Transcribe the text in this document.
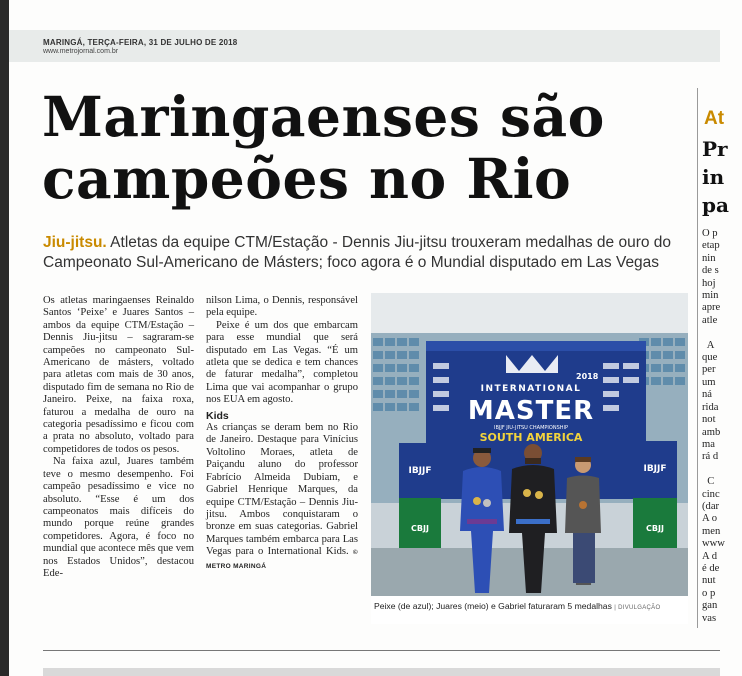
MARINGÁ, TERÇA-FEIRA, 31 DE JULHO DE 2018
www.metrojornal.com.br
Maringaenses são
campeões no Rio
Jiu-jitsu. Atletas da equipe CTM/Estação - Dennis Jiu-jitsu trouxeram medalhas de ouro do Campeonato Sul-Americano de Másters; foco agora é o Mundial disputado em Las Vegas

Os atletas maringaenses Reinaldo Santos ‘Peixe’ e Juares Santos – ambos da equipe CTM/Estação – Dennis Jiu-jitsu – sagraram-se campeões no campeonato Sul-Americano de másters, voltado para atletas com mais de 30 anos, disputado fim de semana no Rio de Janeiro. Peixe, na faixa roxa, faturou a medalha de ouro na categoria pesadíssimo e ficou com a prata no absoluto, voltado para competidores de todos os pesos.

Na faixa azul, Juares também teve o mesmo desempenho. Foi campeão pesadíssimo e vice no absoluto. “Esse é um dos campeonatos mais difíceis do mundo porque reúne grandes competidores. Agora, é foco no mundial que acontece mês que vem nos Estados Unidos”, destacou Ede-

nilson Lima, o Dennis, responsável pela equipe.

Peixe é um dos que embarcam para esse mundial que será disputado em Las Vegas. “É um atleta que se dedica e tem chances de faturar medalha”, completou Lima que vai acompanhar o grupo nos EUA em agosto.

Kids

As crianças se deram bem no Rio de Janeiro. Destaque para Vinícius Voltolino Moraes, atleta de Paiçandu aluno do professor Fabrício Almeida Dubiam, e Gabriel Henrique Marques, da equipe CTM/Estação – Dennis Jiu-jitsu. Ambos conquistaram o bronze em suas categorias. Gabriel Marques também embarca para Las Vegas para o International Kids. © METRO MARINGÁ

2018
INTERNATIONAL
MASTER
IBJJF JIU-JITSU CHAMPIONSHIP
SOUTH AMERICA
IBJJF
CBJJ
IBJJF
CBJJ
Peixe (de azul); Juares (meio) e Gabriel faturaram 5 medalhas | DIVULGAÇÃO
At
Pr
in
pa
O p
etap
nin
de s
hoj
min
apre
atle

A
que
per
um
ná
rida
not
amb
ma
rá d

C
cinc
(dar
A o
men
www
A d
é de
nut
o p
gan
vas
